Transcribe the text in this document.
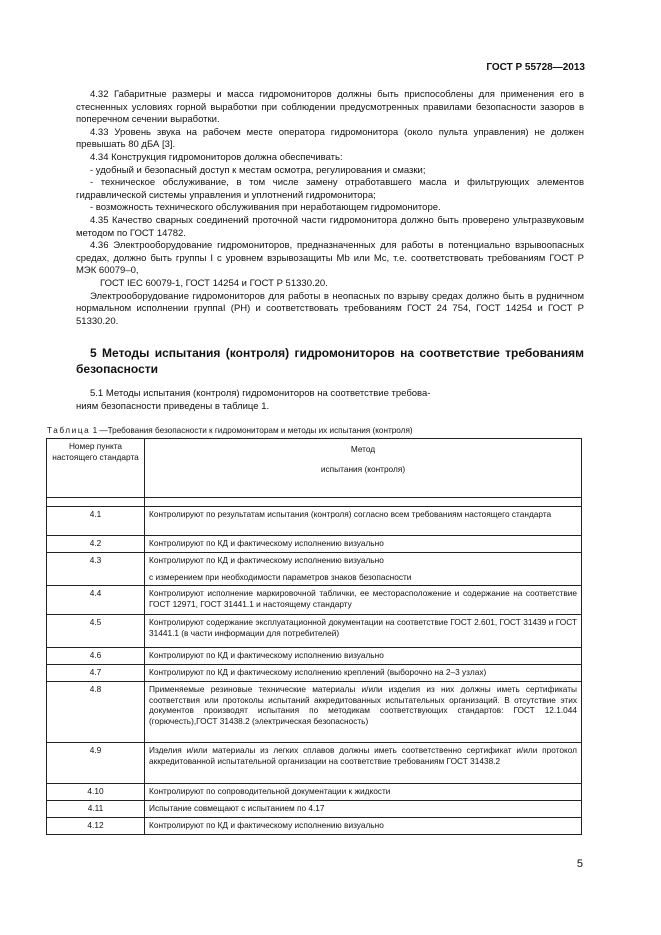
ГОСТ Р 55728—2013

4.32 Габаритные размеры и масса гидромониторов должны быть приспособлены для применения его в стесненных условиях горной выработки при соблюдении предусмотренных правилами безопасности зазоров в поперечном сечении выработки.

4.33 Уровень звука на рабочем месте оператора гидромонитора (около пульта управления) не должен превышать 80 дБА [3].

4.34 Конструкция гидромониторов должна обеспечивать:

- удобный и безопасный доступ к местам осмотра, регулирования и смазки;

- техническое обслуживание, в том числе замену отработавшего масла и фильтрующих элементов гидравлической системы управления и уплотнений гидромонитора;

- возможность технического обслуживания при неработающем гидромониторе.

4.35 Качество сварных соединений проточной части гидромонитора должно быть проверено ультразвуковым методом по ГОСТ 14782.

4.36 Электрооборудование гидромониторов, предназначенных для работы в потенциально взрывоопасных средах, должно быть группы I с уровнем взрывозащиты Mb или Mc, т.е. соответствовать требованиям ГОСТ Р МЭК 60079–0,

ГОСТ IEC 60079-1, ГОСТ 14254 и ГОСТ Р 51330.20.

Электрооборудование гидромониторов для работы в неопасных по взрыву средах должно быть в рудничном нормальном исполнении группаI (РН) и соответствовать требованиям ГОСТ 24 754, ГОСТ 14254 и ГОСТ Р 51330.20.

5 Методы испытания (контроля) гидромониторов на соответствие требованиям безопасности

5.1 Методы испытания (контроля) гидромониторов на соответствие требова-

ниям безопасности приведены в таблице 1.

Таблица 1 —Требования безопасности к гидромониторам и методы их испытания (контроля)
Номер пункта настоящего стандарта	Метод
испытания (контроля)

4.1	Контролируют по результатам испытания (контроля) согласно всем требованиям настоящего стандарта
4.2	Контролируют по КД и фактическому исполнению визуально
4.3	Контролируют по КД и фактическому исполнению визуально
с измерением при необходимости параметров знаков безопасности

4.4	Контролируют исполнение маркировочной таблички, ее месторасположение и содержание на соответствие ГОСТ 12971, ГОСТ 31441.1 и настоящему стандарту
4.5	Контролируют содержание эксплуатационной документации на соответствие ГОСТ 2.601, ГОСТ 31439 и ГОСТ 31441.1 (в части информации для потребителей)
4.6	Контролируют по КД и фактическому исполнению визуально
4.7	Контролируют по КД и фактическому исполнению креплений (выборочно на 2–3 узлах)
4.8	Применяемые резиновые технические материалы и/или изделия из них должны иметь сертификаты соответствия или протоколы испытаний аккредитованных испытательных организаций. В отсутствие этих документов производят испытания по методикам соответствующих стандартов: ГОСТ 12.1.044 (горючесть),ГОСТ 31438.2 (электрическая безопасность)
4.9	Изделия и/или материалы из легких сплавов должны иметь соответственно сертификат и/или протокол аккредитованной испытательной организации на соответствие требованиям ГОСТ 31438.2
4.10	Контролируют по сопроводительной документации к жидкости
4.11	Испытание совмещают с испытанием по 4.17
4.12	Контролируют по КД и фактическому исполнению визуально
5
